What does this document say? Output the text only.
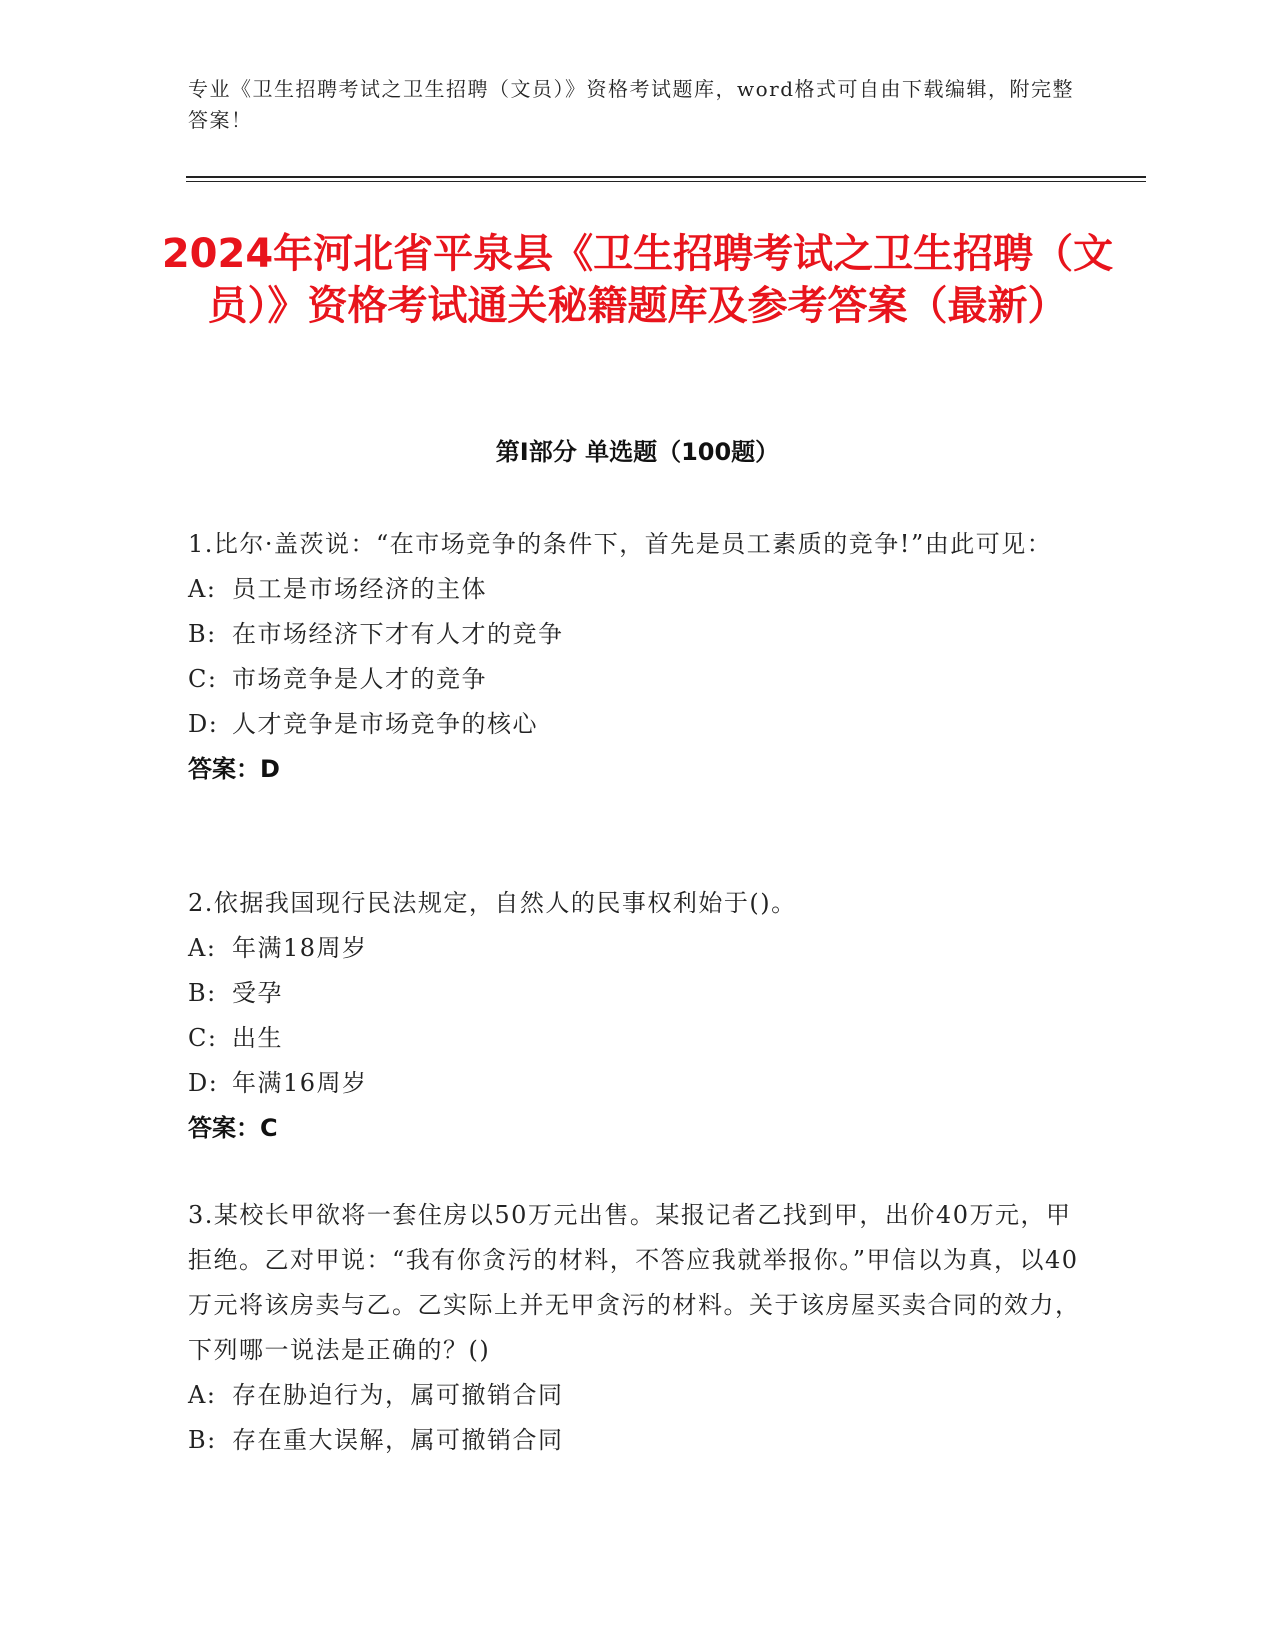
专业《卫生招聘考试之卫生招聘（文员）》资格考试题库，word格式可自由下载编辑，附完整答案！
2024年河北省平泉县《卫生招聘考试之卫生招聘（文员）》资格考试通关秘籍题库及参考答案（最新）
第Ⅰ部分 单选题（100题）
1.比尔·盖茨说：“在市场竞争的条件下，首先是员工素质的竞争!”由此可见：
A: 员工是市场经济的主体
B: 在市场经济下才有人才的竞争
C: 市场竞争是人才的竞争
D: 人才竞争是市场竞争的核心
答案：D
2.依据我国现行民法规定，自然人的民事权利始于()。
A: 年满18周岁
B: 受孕
C: 出生
D: 年满16周岁
答案：C
3.某校长甲欲将一套住房以50万元出售。某报记者乙找到甲，出价40万元，甲拒绝。乙对甲说：“我有你贪污的材料，不答应我就举报你。”甲信以为真，以40万元将该房卖与乙。乙实际上并无甲贪污的材料。关于该房屋买卖合同的效力，下列哪一说法是正确的？()
A: 存在胁迫行为，属可撤销合同
B: 存在重大误解，属可撤销合同
